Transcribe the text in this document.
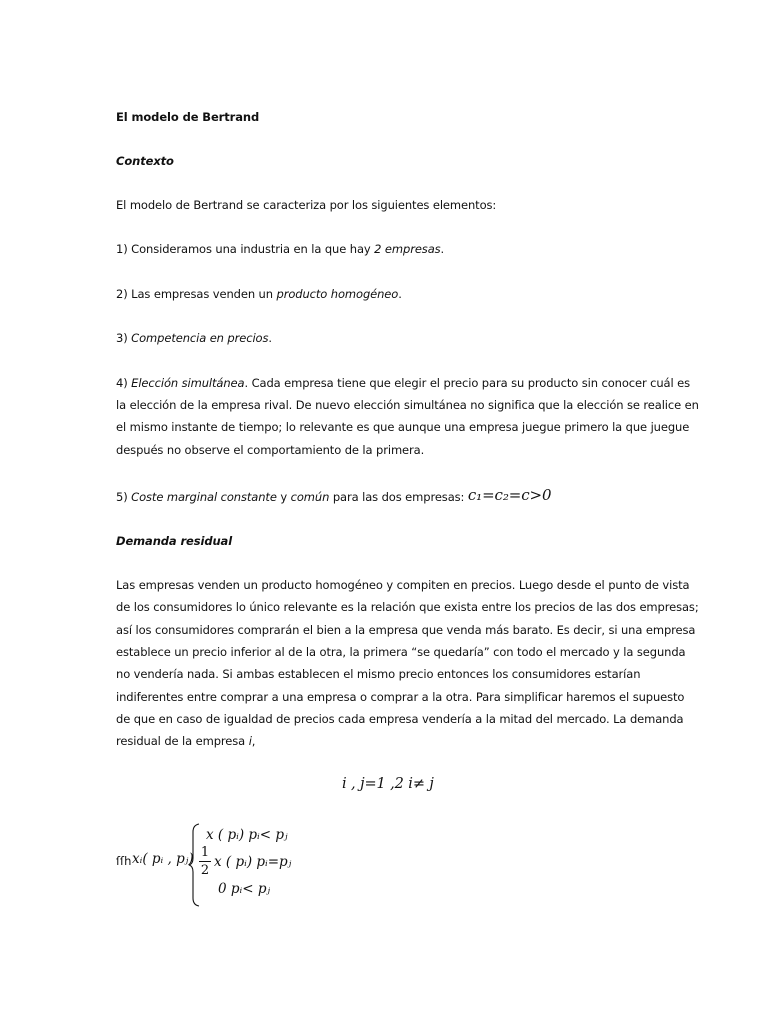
El modelo de Bertrand
Contexto
El modelo de Bertrand se caracteriza por los siguientes elementos:
1) Consideramos una industria en la que hay 2 empresas.
2) Las empresas venden un producto homogéneo.
3) Competencia en precios.
4) Elección simultánea. Cada empresa tiene que elegir el precio para su producto sin conocer cuál es
la elección de la empresa rival. De nuevo elección simultánea no significa que la elección se realice en
el mismo instante de tiempo; lo relevante es que aunque una empresa juegue primero la que juegue
después no observe el comportamiento de la primera.
5) Coste marginal constante y común para las dos empresas: c₁=c₂=c>0
Demanda residual
Las empresas venden un producto homogéneo y compiten en precios. Luego desde el punto de vista
de los consumidores lo único relevante es la relación que exista entre los precios de las dos empresas;
así los consumidores comprarán el bien a la empresa que venda más barato. Es decir, si una empresa
establece un precio inferior al de la otra, la primera “se quedaría” con todo el mercado y la segunda
no vendería nada. Si ambas establecen el mismo precio entonces los consumidores estarían
indiferentes entre comprar a una empresa o comprar a la otra. Para simplificar haremos el supuesto
de que en caso de igualdad de precios cada empresa vendería a la mitad del mercado. La demanda
residual de la empresa i,
i , j=1 ,2 i≠ j
ſſh xᵢ( pᵢ , pⱼ)
x ( pᵢ) pᵢ< pⱼ
1
2
x ( pᵢ) pᵢ=pⱼ
0 pᵢ< pⱼ
